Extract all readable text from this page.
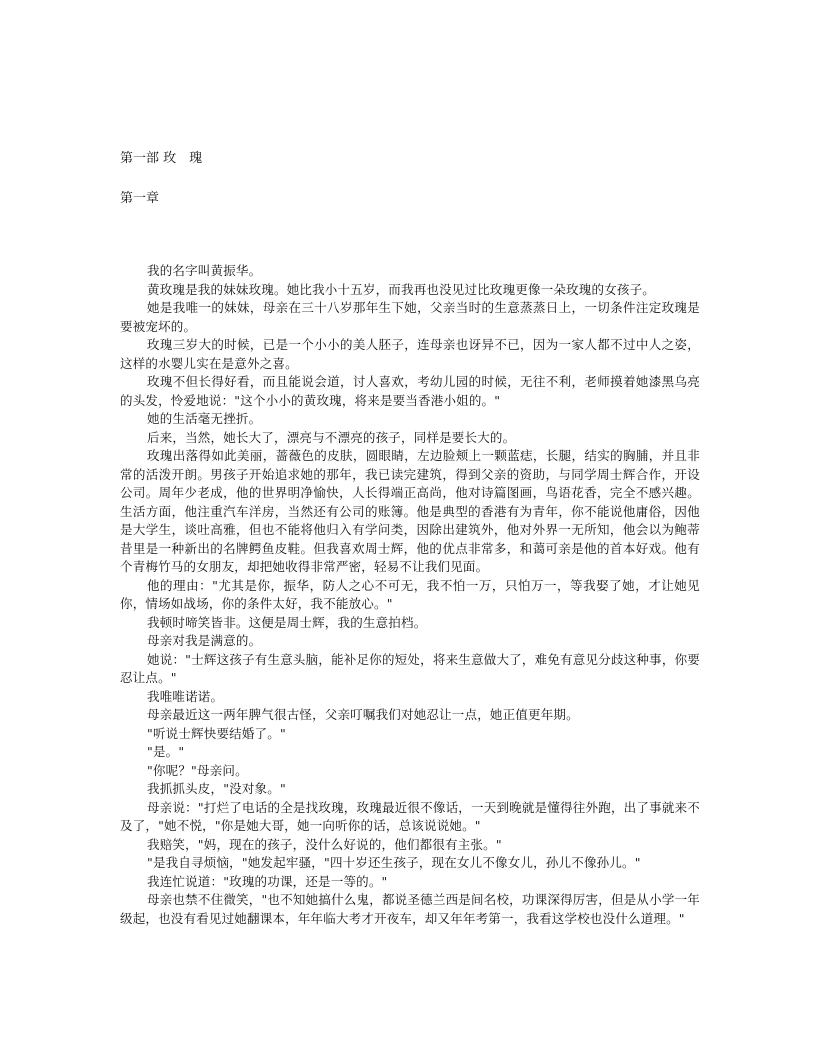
第一部 玫　瑰
第一章

我的名字叫黄振华。

黄玫瑰是我的妹妹玫瑰。她比我小十五岁，而我再也没见过比玫瑰更像一朵玫瑰的女孩子。

她是我唯一的妹妹，母亲在三十八岁那年生下她，父亲当时的生意蒸蒸日上，一切条件注定玫瑰是要被宠坏的。

玫瑰三岁大的时候，已是一个小小的美人胚子，连母亲也讶异不已，因为一家人都不过中人之姿，这样的水婴儿实在是意外之喜。

玫瑰不但长得好看，而且能说会道，讨人喜欢，考幼儿园的时候，无往不利，老师摸着她漆黑乌亮的头发，怜爱地说："这个小小的黄玫瑰，将来是要当香港小姐的。"

她的生活毫无挫折。

后来，当然，她长大了，漂亮与不漂亮的孩子，同样是要长大的。

玫瑰出落得如此美丽，蔷薇色的皮肤，圆眼睛，左边脸颊上一颗蓝痣，长腿，结实的胸脯，并且非常的活泼开朗。男孩子开始追求她的那年，我已读完建筑，得到父亲的资助，与同学周士辉合作，开设公司。周年少老成，他的世界明净愉快，人长得端正高尚，他对诗篇图画，鸟语花香，完全不感兴趣。生活方面，他注重汽车洋房，当然还有公司的账簿。他是典型的香港有为青年，你不能说他庸俗，因他是大学生，谈吐高雅，但也不能将他归入有学问类，因除出建筑外，他对外界一无所知，他会以为鲍蒂昔里是一种新出的名牌鳄鱼皮鞋。但我喜欢周士辉，他的优点非常多，和蔼可亲是他的首本好戏。他有个青梅竹马的女朋友，却把她收得非常严密，轻易不让我们见面。

他的理由："尤其是你，振华，防人之心不可无，我不怕一万，只怕万一，等我娶了她，才让她见你，情场如战场，你的条件太好，我不能放心。"

我顿时啼笑皆非。这便是周士辉，我的生意拍档。

母亲对我是满意的。

她说："士辉这孩子有生意头脑，能补足你的短处，将来生意做大了，难免有意见分歧这种事，你要忍让点。"

我唯唯诺诺。

母亲最近这一两年脾气很古怪，父亲叮嘱我们对她忍让一点，她正值更年期。

"听说士辉快要结婚了。"

"是。"

"你呢？"母亲问。

我抓抓头皮，"没对象。"

母亲说："打烂了电话的全是找玫瑰，玫瑰最近很不像话，一天到晚就是懂得往外跑，出了事就来不及了，"她不悦，"你是她大哥，她一向听你的话，总该说说她。"

我赔笑，"妈，现在的孩子，没什么好说的，他们都很有主张。"

"是我自寻烦恼，"她发起牢骚，"四十岁还生孩子，现在女儿不像女儿，孙儿不像孙儿。"

我连忙说道："玫瑰的功课，还是一等的。"

母亲也禁不住微笑，"也不知她搞什么鬼，都说圣德兰西是间名校，功课深得厉害，但是从小学一年级起，也没有看见过她翻课本，年年临大考才开夜车，却又年年考第一，我看这学校也没什么道理。"
